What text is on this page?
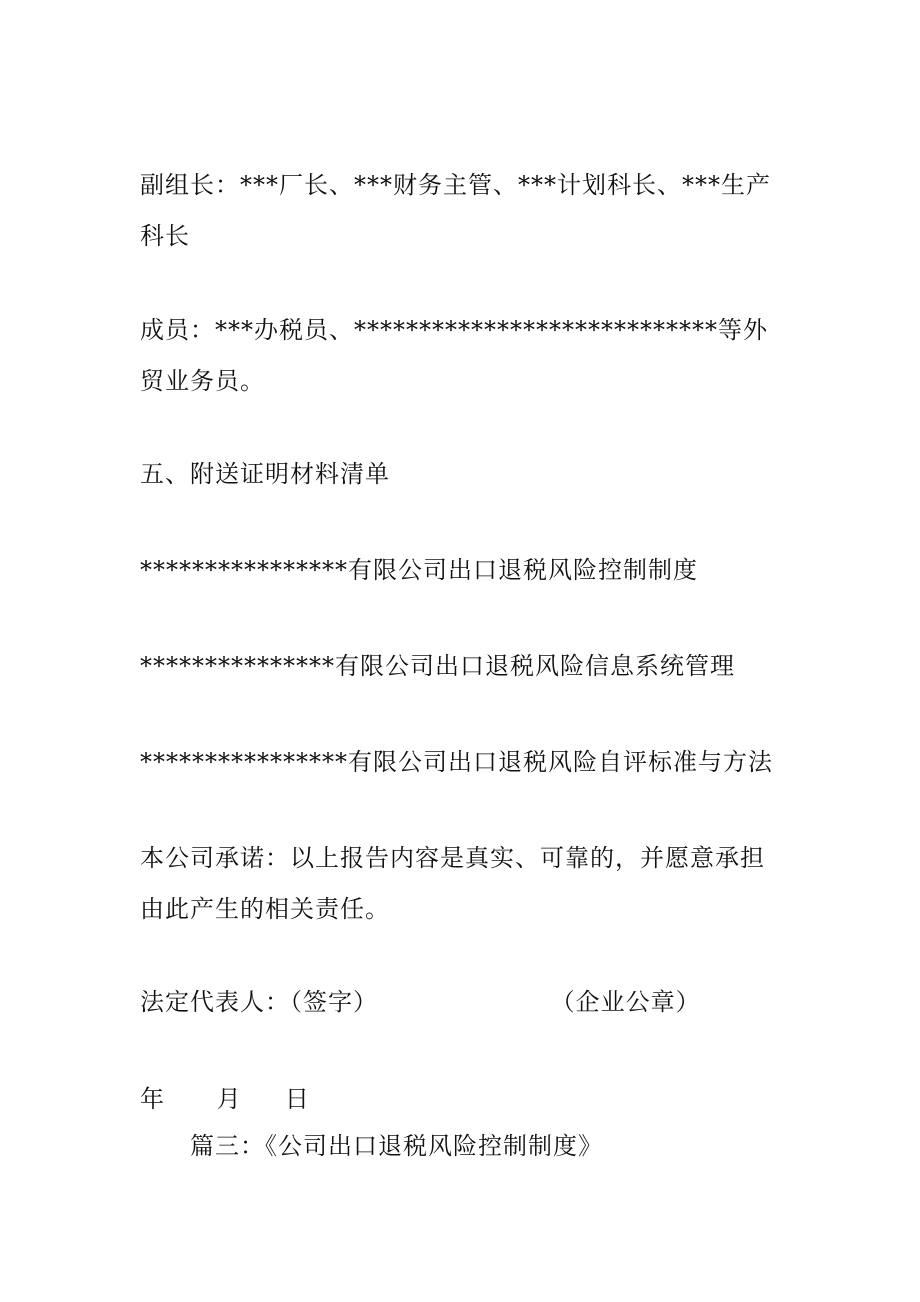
副组长：***厂长、***财务主管、***计划科长、***生产科长

成员：***办税员、****************************等外贸业务员。

五、附送证明材料清单

****************有限公司出口退税风险控制制度

***************有限公司出口退税风险信息系统管理

****************有限公司出口退税风险自评标准与方法

本公司承诺：以上报告内容是真实、可靠的，并愿意承担由此产生的相关责任。

法定代表人：（签字）                    （企业公章）

年      月     日

篇三：《公司出口退税风险控制制度》
